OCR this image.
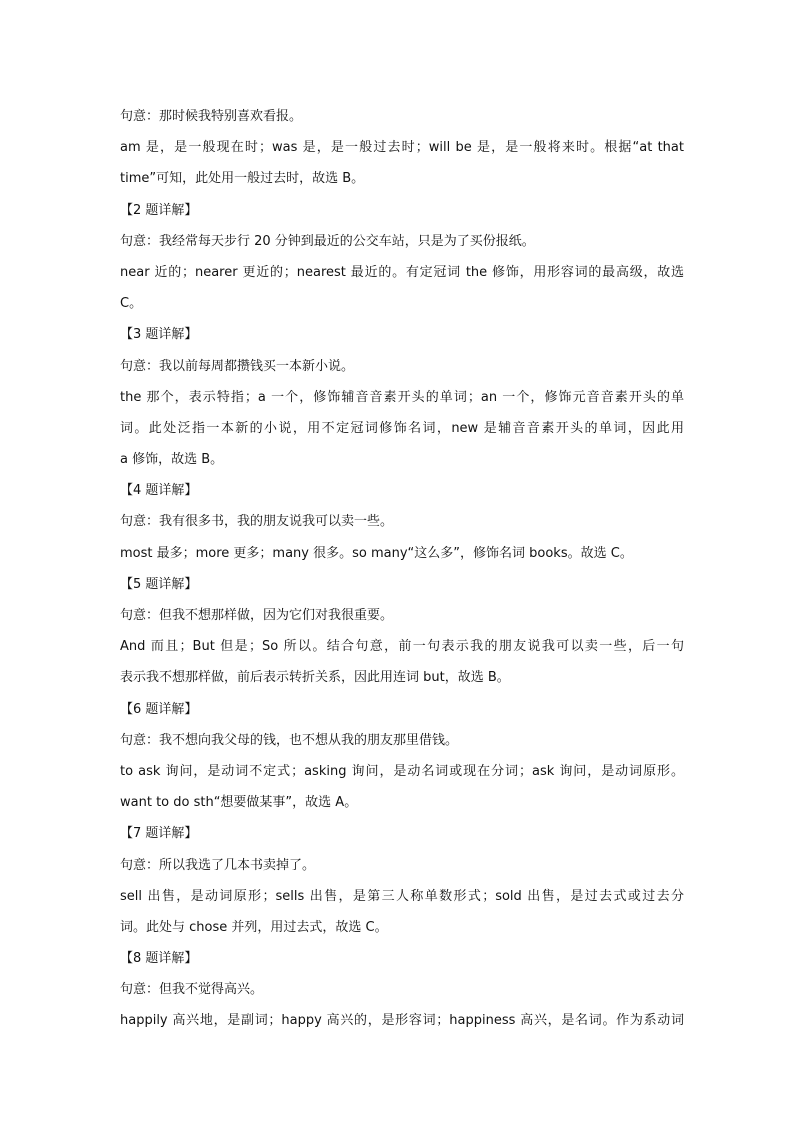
句意：那时候我特别喜欢看报。
am 是，是一般现在时；was 是，是一般过去时；will be 是，是一般将来时。根据“at that
time”可知，此处用一般过去时，故选 B。
【2 题详解】
句意：我经常每天步行 20 分钟到最近的公交车站，只是为了买份报纸。
near 近的；nearer 更近的；nearest 最近的。有定冠词 the 修饰，用形容词的最高级，故选
C。
【3 题详解】
句意：我以前每周都攒钱买一本新小说。
the 那个，表示特指；a 一个，修饰辅音音素开头的单词；an 一个，修饰元音音素开头的单
词。此处泛指一本新的小说，用不定冠词修饰名词，new 是辅音音素开头的单词，因此用
a 修饰，故选 B。
【4 题详解】
句意：我有很多书，我的朋友说我可以卖一些。
most 最多；more 更多；many 很多。so many“这么多”，修饰名词 books。故选 C。
【5 题详解】
句意：但我不想那样做，因为它们对我很重要。
And 而且；But 但是；So 所以。结合句意，前一句表示我的朋友说我可以卖一些，后一句
表示我不想那样做，前后表示转折关系，因此用连词 but，故选 B。
【6 题详解】
句意：我不想向我父母的钱，也不想从我的朋友那里借钱。
to ask 询问，是动词不定式；asking 询问，是动名词或现在分词；ask 询问，是动词原形。
want to do sth“想要做某事”，故选 A。
【7 题详解】
句意：所以我选了几本书卖掉了。
sell 出售，是动词原形；sells 出售，是第三人称单数形式；sold 出售，是过去式或过去分
词。此处与 chose 并列，用过去式，故选 C。
【8 题详解】
句意：但我不觉得高兴。
happily 高兴地，是副词；happy 高兴的，是形容词；happiness 高兴，是名词。作为系动词
